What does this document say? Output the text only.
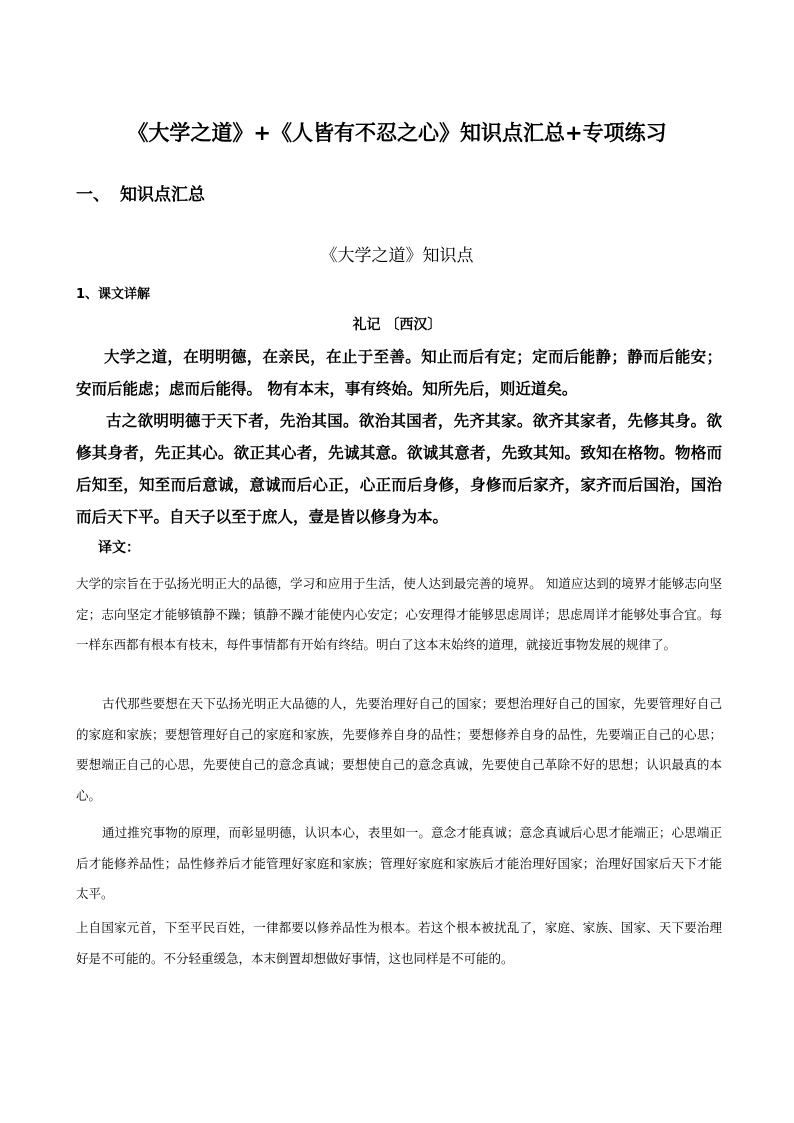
《大学之道》+《人皆有不忍之心》知识点汇总+专项练习
一、 知识点汇总
《大学之道》知识点
1、课文详解
礼记 〔西汉〕
大学之道，在明明德，在亲民，在止于至善。知止而后有定；定而后能静；静而后能安；安而后能虑；虑而后能得。 物有本末，事有终始。知所先后，则近道矣。
古之欲明明德于天下者，先治其国。欲治其国者，先齐其家。欲齐其家者，先修其身。欲修其身者，先正其心。欲正其心者，先诚其意。欲诚其意者，先致其知。致知在格物。物格而后知至，知至而后意诚，意诚而后心正，心正而后身修，身修而后家齐，家齐而后国治，国治而后天下平。自天子以至于庶人，壹是皆以修身为本。
译文：
大学的宗旨在于弘扬光明正大的品德，学习和应用于生活，使人达到最完善的境界。 知道应达到的境界才能够志向坚定；志向坚定才能够镇静不躁；镇静不躁才能使内心安定；心安理得才能够思虑周详；思虑周详才能够处事合宜。每一样东西都有根本有枝末，每件事情都有开始有终结。明白了这本末始终的道理，就接近事物发展的规律了。
古代那些要想在天下弘扬光明正大品德的人，先要治理好自己的国家；要想治理好自己的国家，先要管理好自己的家庭和家族；要想管理好自己的家庭和家族，先要修养自身的品性；要想修养自身的品性，先要端正自己的心思；要想端正自己的心思，先要使自己的意念真诚；要想使自己的意念真诚，先要使自己革除不好的思想；认识最真的本心。
通过推究事物的原理，而彰显明德，认识本心，表里如一。意念才能真诚；意念真诚后心思才能端正；心思端正后才能修养品性；品性修养后才能管理好家庭和家族；管理好家庭和家族后才能治理好国家；治理好国家后天下才能太平。
上自国家元首，下至平民百姓，一律都要以修养品性为根本。若这个根本被扰乱了，家庭、家族、国家、天下要治理好是不可能的。不分轻重缓急，本末倒置却想做好事情，这也同样是不可能的。
